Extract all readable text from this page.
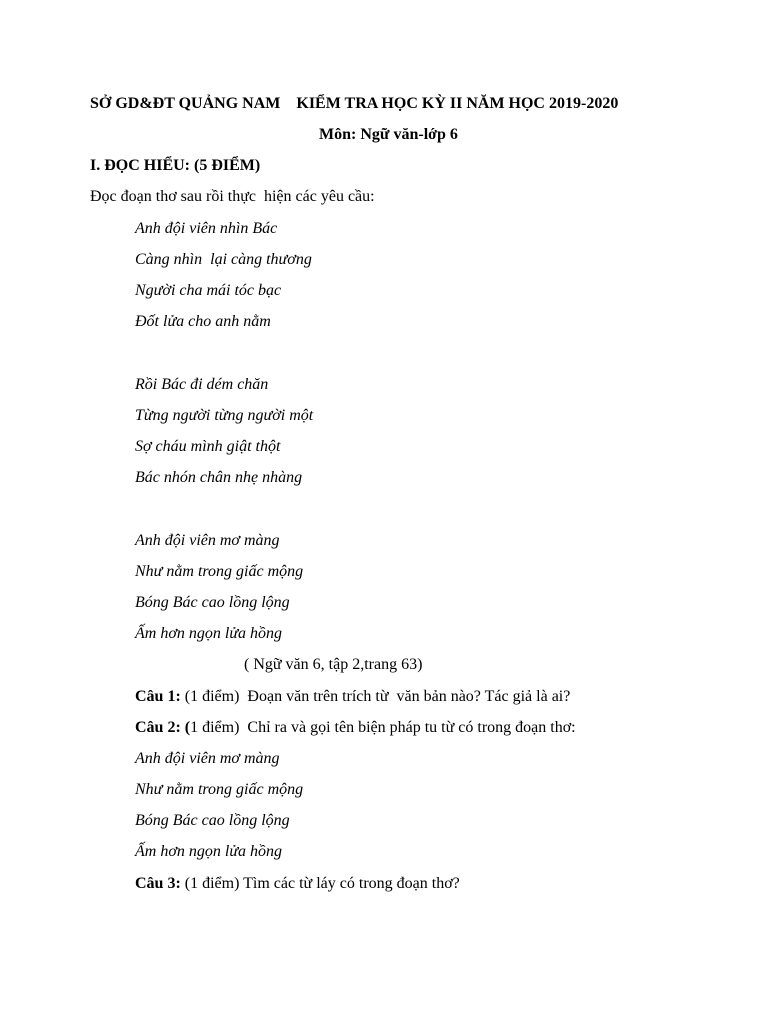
SỞ GD&ĐT QUẢNG NAM KIỂM TRA HỌC KỲ II NĂM HỌC 2019-2020
Môn: Ngữ văn-lớp 6
I. ĐỌC HIỂU: (5 ĐIỂM)
Đọc đoạn thơ sau rồi thực  hiện các yêu cầu:
Anh đội viên nhìn Bác
Càng nhìn  lại càng thương
Người cha mái tóc bạc
Đốt lửa cho anh nằm
Rồi Bác đi dém chăn
Từng người từng người một
Sợ cháu mình giật thột
Bác nhón chân nhẹ nhàng
Anh đội viên mơ màng
Như nằm trong giấc mộng
Bóng Bác cao lồng lộng
Ấm hơn ngọn lửa hồng
( Ngữ văn 6, tập 2,trang 63)
Câu 1: (1 điểm)  Đoạn văn trên trích từ  văn bản nào? Tác giả là ai?
Câu 2: (1 điểm)  Chỉ ra và gọi tên biện pháp tu từ có trong đoạn thơ:
Anh đội viên mơ màng
Như nằm trong giấc mộng
Bóng Bác cao lồng lộng
Ấm hơn ngọn lửa hồng
Câu 3: (1 điểm) Tìm các từ láy có trong đoạn thơ?
